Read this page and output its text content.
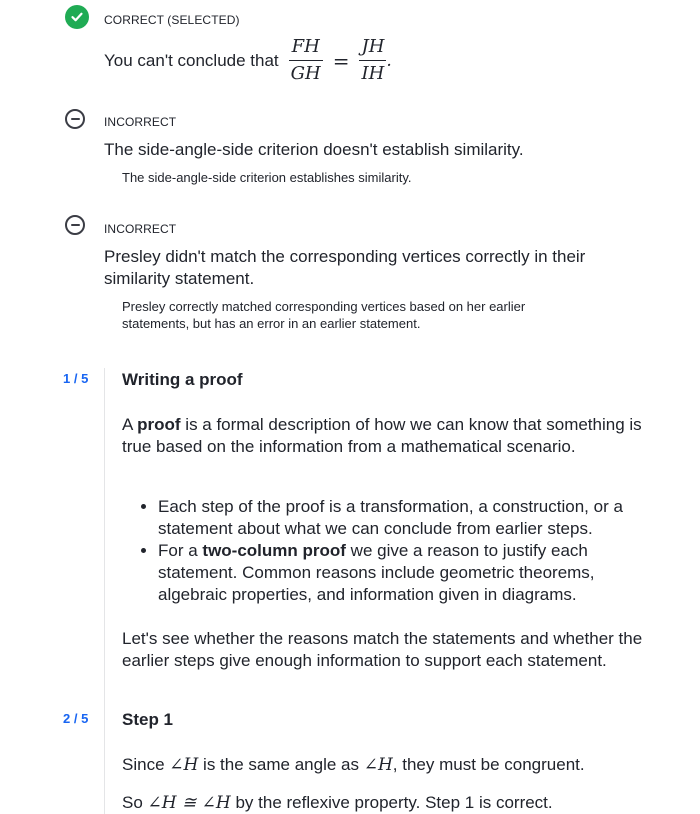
CORRECT (SELECTED)
You can't conclude that $\frac{FH}{GH} = \frac{JH}{IH}$ .
INCORRECT
The side-angle-side criterion doesn't establish similarity.
The side-angle-side criterion establishes similarity.
INCORRECT
Presley didn't match the corresponding vertices correctly in their similarity statement.
Presley correctly matched corresponding vertices based on her earlier statements, but has an error in an earlier statement.
1 / 5 Writing a proof
A proof is a formal description of how we can know that something is true based on the information from a mathematical scenario.
• Each step of the proof is a transformation, a construction, or a statement about what we can conclude from earlier steps.
• For a two-column proof we give a reason to justify each statement. Common reasons include geometric theorems, algebraic properties, and information given in diagrams.
Let's see whether the reasons match the statements and whether the earlier steps give enough information to support each statement.
2 / 5 Step 1
Since ∠H is the same angle as ∠H, they must be congruent.
So ∠H ≅ ∠H by the reflexive property. Step 1 is correct.
